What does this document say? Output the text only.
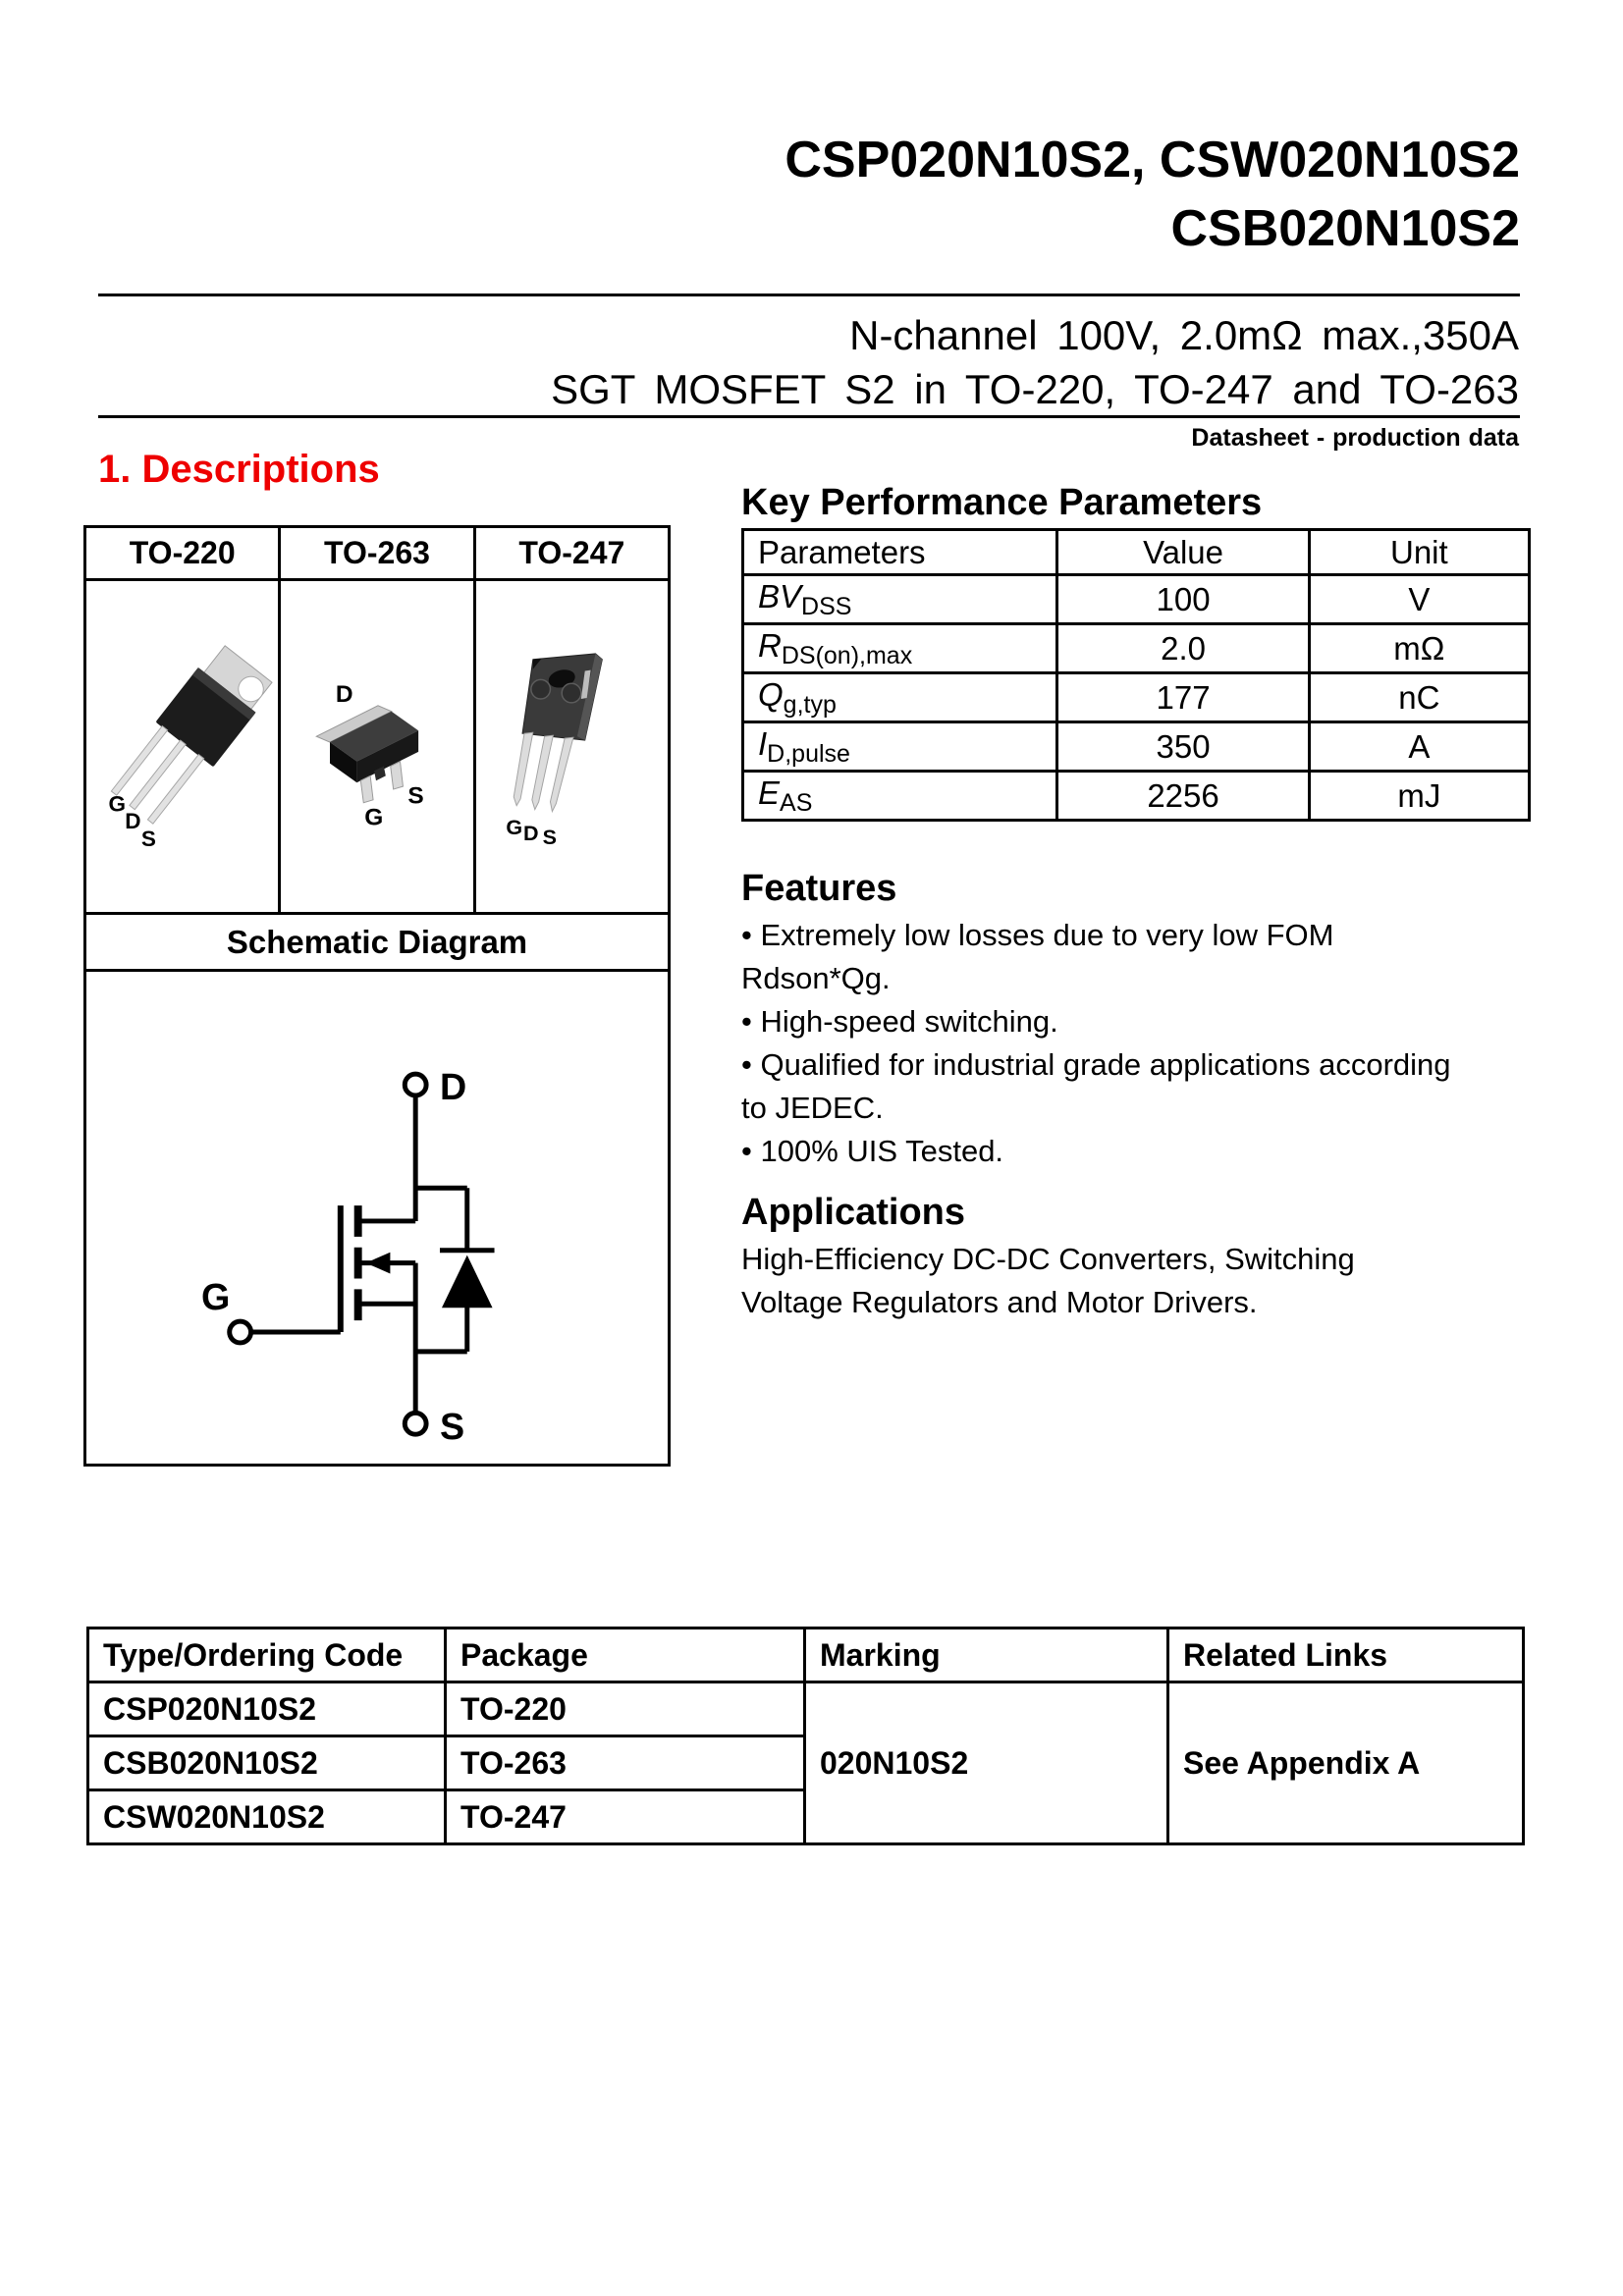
CSP020N10S2, CSW020N10S2
CSB020N10S2
N-channel 100V, 2.0mΩ max.,350A
SGT MOSFET S2 in TO-220, TO-247 and TO-263
Datasheet - production data
1. Descriptions
TO-220	TO-263	TO-247

G
D
S	D
G
S	G D S

Schematic Diagram		

D
G
S		
Key Performance Parameters
Parameters	Value	Unit
$BV_{DSS}$	100	V
$R_{DS(on),max}$	2.0	mΩ
$Q_{g,typ}$	177	nC
$I_{D,pulse}$	350	A
$E_{AS}$	2256	mJ
Features
• Extremely low losses due to very low FOM
Rdson*Qg.
• High-speed switching.
• Qualified for industrial grade applications according
to JEDEC.
• 100% UIS Tested.
Applications
High-Efficiency DC-DC Converters, Switching
Voltage Regulators and Motor Drivers.
Type/Ordering Code	Package	Marking	Related Links
CSP020N10S2	TO-220	020N10S2	See Appendix A
CSB020N10S2	TO-263		
CSW020N10S2	TO-247		
